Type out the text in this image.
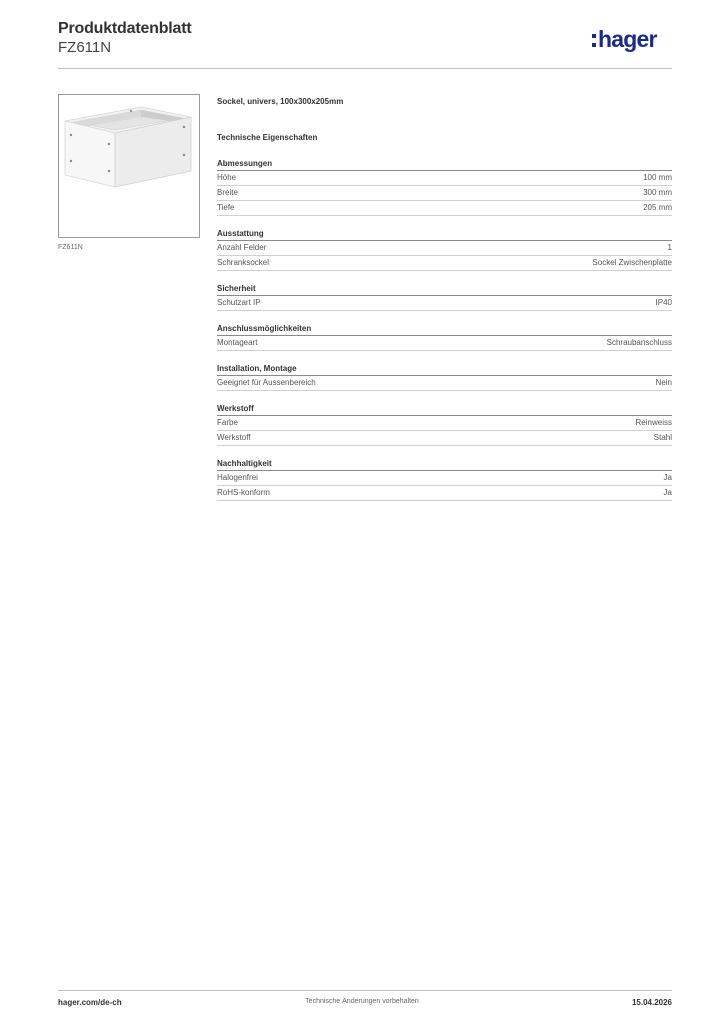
Produktdatenblatt
FZ611N	hager
FZ611N
Sockel, univers, 100x300x205mm
Technische Eigenschaften
Abmessungen
Höhe	100 mm
Breite	300 mm
Tiefe	205 mm
Ausstattung
Anzahl Felder	1
Schranksockel	Sockel Zwischenplatte
Sicherheit
Schutzart IP	IP40
Anschlussmöglichkeiten
Montageart	Schraubanschluss
Installation, Montage
Geeignet für Aussenbereich	Nein
Werkstoff
Farbe	Reinweiss
Werkstoff	Stahl
Nachhaltigkeit
Halogenfrei	Ja
RoHS-konform	Ja
hager.com/de-ch	Technische Änderungen vorbehalten	15.04.2026
